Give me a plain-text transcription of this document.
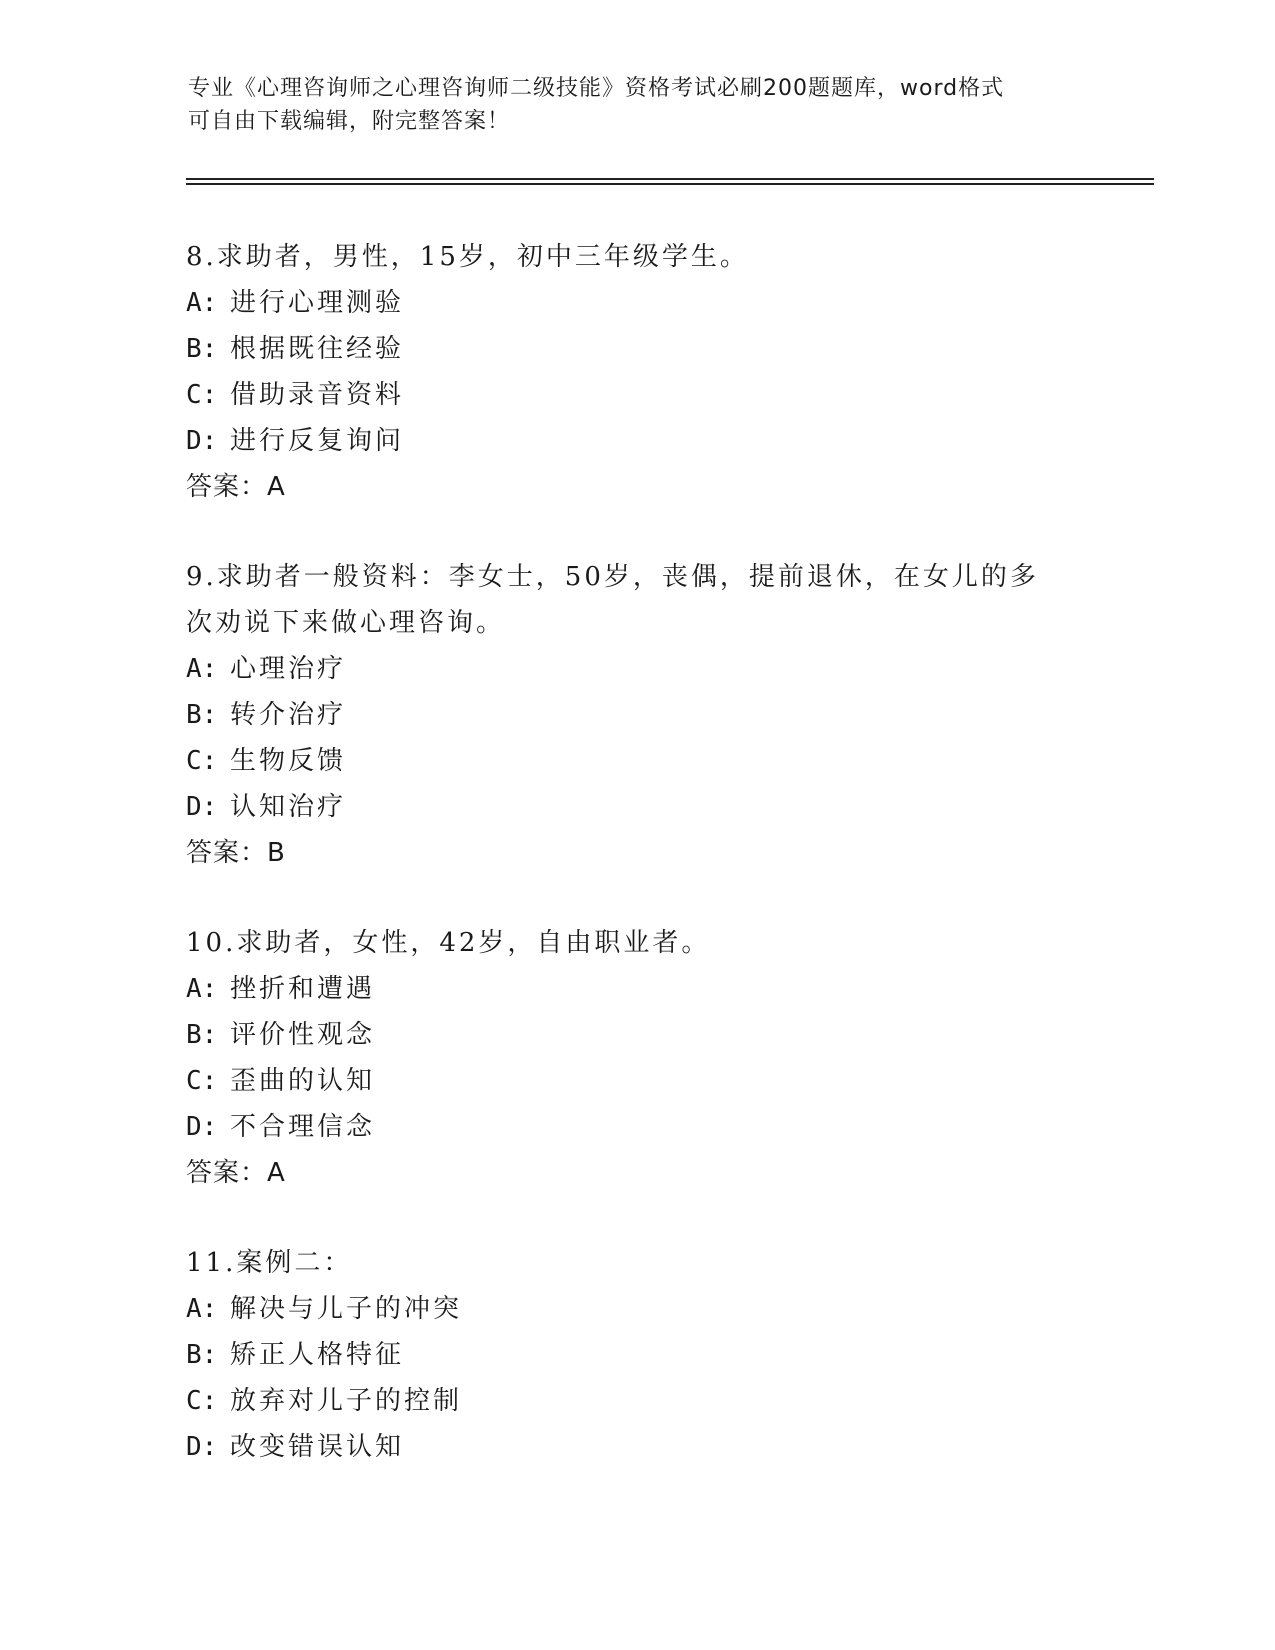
专业《心理咨询师之心理咨询师二级技能》资格考试必刷200题题库，word格式
可自由下载编辑，附完整答案！

8.求助者，男性，15岁，初中三年级学生。

A: 进行心理测验
B: 根据既往经验
C: 借助录音资料
D: 进行反复询问
答案：A

9.求助者一般资料：李女士，50岁，丧偶，提前退休，在女儿的多次劝说下来做心理咨询。

A: 心理治疗
B: 转介治疗
C: 生物反馈
D: 认知治疗
答案：B

10.求助者，女性，42岁，自由职业者。

A: 挫折和遭遇
B: 评价性观念
C: 歪曲的认知
D: 不合理信念
答案：A

11.案例二：

A: 解决与儿子的冲突
B: 矫正人格特征
C: 放弃对儿子的控制
D: 改变错误认知
